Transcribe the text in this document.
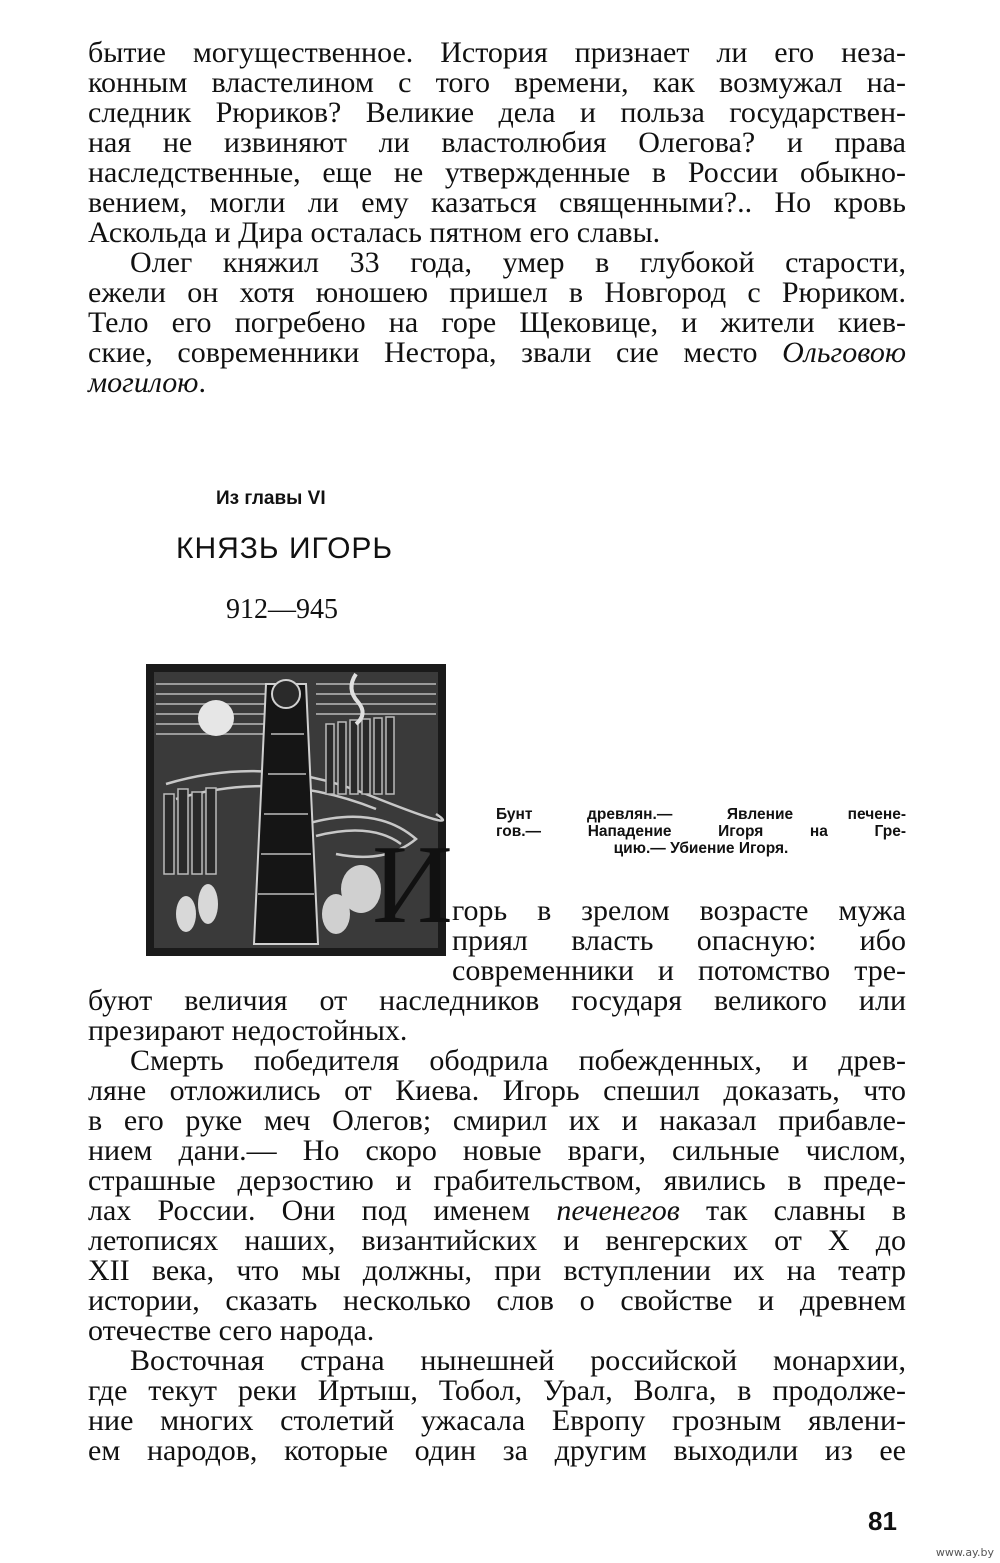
бытие могущественное. История признает ли его неза-
конным властелином с того времени, как возмужал на-
следник Рюриков? Великие дела и польза государствен-
ная не извиняют ли властолюбия Олегова? и права
наследственные, еще не утвержденные в России обыкно-
вением, могли ли ему казаться священными?.. Но кровь
Аскольда и Дира осталась пятном его славы.
Олег княжил 33 года, умер в глубокой старости,
ежели он хотя юношею пришел в Новгород с Рюриком.
Тело его погребено на горе Щековице, и жители киев-
ские, современники Нестора, звали сие место Ольговою
могилою.
Из главы VI
КНЯЗЬ ИГОРЬ
912—945
Бунт древлян.— Явление печене-
гов.— Нападение Игоря на Гре-
цию.— Убиение Игоря.
И горь в зрелом возрасте мужа
приял власть опасную: ибо
современники и потомство тре-
буют величия от наследников государя великого или
презирают недостойных.
Смерть победителя ободрила побежденных, и древ-
ляне отложились от Киева. Игорь спешил доказать, что
в его руке меч Олегов; смирил их и наказал прибавле-
нием дани.— Но скоро новые враги, сильные числом,
страшные дерзостию и грабительством, явились в преде-
лах России. Они под именем печенегов так славны в
летописях наших, византийских и венгерских от X до
XII века, что мы должны, при вступлении их на театр
истории, сказать несколько слов о свойстве и древнем
отечестве сего народа.
Восточная страна нынешней российской монархии,
где текут реки Иртыш, Тобол, Урал, Волга, в продолже-
ние многих столетий ужасала Европу грозным явлени-
ем народов, которые один за другим выходили из ее
81
www.ay.by
